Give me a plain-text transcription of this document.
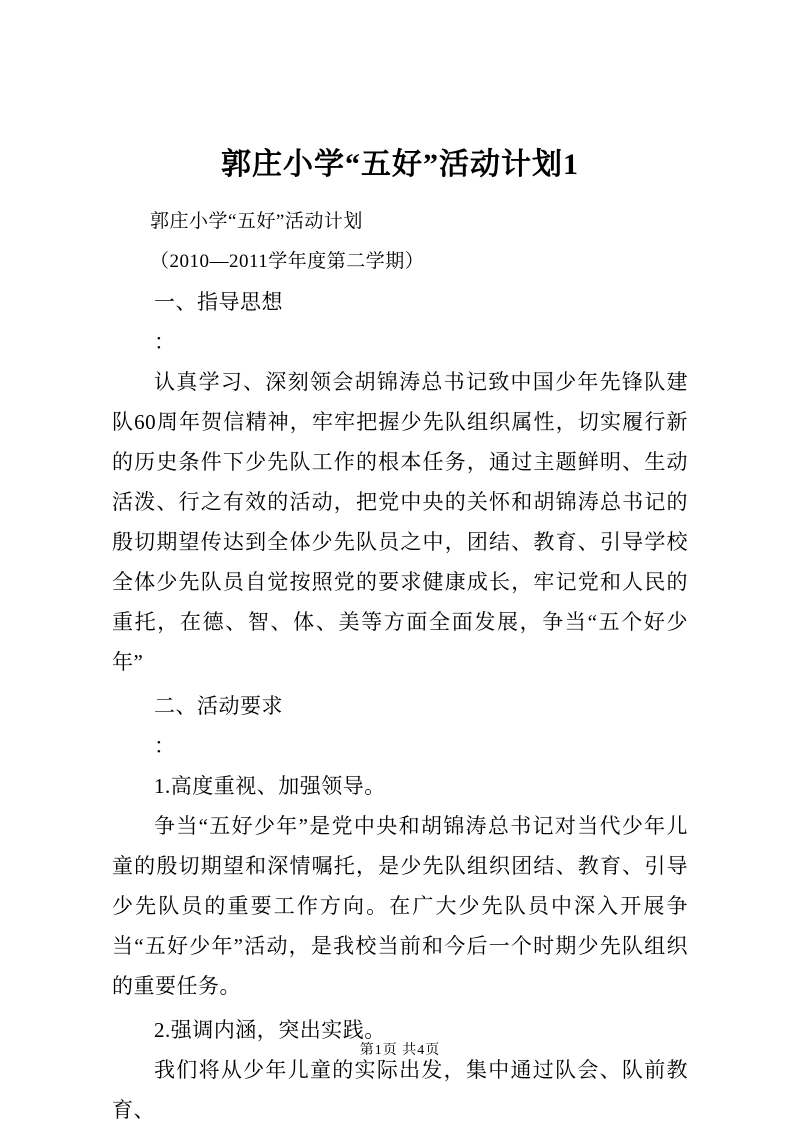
郭庄小学“五好”活动计划1

郭庄小学“五好”活动计划

（2010—2011学年度第二学期）

一、指导思想

：

认真学习、深刻领会胡锦涛总书记致中国少年先锋队建队60周年贺信精神，牢牢把握少先队组织属性，切实履行新的历史条件下少先队工作的根本任务，通过主题鲜明、生动活泼、行之有效的活动，把党中央的关怀和胡锦涛总书记的殷切期望传达到全体少先队员之中，团结、教育、引导学校全体少先队员自觉按照党的要求健康成长，牢记党和人民的重托，在德、智、体、美等方面全面发展，争当“五个好少年”

二、活动要求

：

1.高度重视、加强领导。

争当“五好少年”是党中央和胡锦涛总书记对当代少年儿童的殷切期望和深情嘱托，是少先队组织团结、教育、引导少先队员的重要工作方向。在广大少先队员中深入开展争当“五好少年”活动，是我校当前和今后一个时期少先队组织的重要任务。

2.强调内涵，突出实践。

我们将从少年儿童的实际出发，集中通过队会、队前教育、

第1页 共4页
